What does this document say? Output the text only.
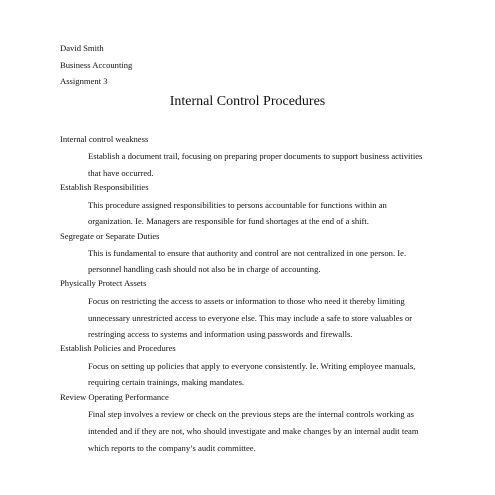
David Smith
Business Accounting
Assignment 3
Internal Control Procedures
Internal control weakness
Establish a document trail, focusing on preparing proper documents to support business activities
that have occurred.
Establish Responsibilities
This procedure assigned responsibilities to persons accountable for functions within an
organization. Ie. Managers are responsible for fund shortages at the end of a shift.
Segregate or Separate Duties
This is fundamental to ensure that authority and control are not centralized in one person. Ie.
personnel handling cash should not also be in charge of accounting.
Physically Protect Assets
Focus on restricting the access to assets or information to those who need it thereby limiting
unnecessary unrestricted access to everyone else. This may include a safe to store valuables or
restringing access to systems and information using passwords and firewalls.
Establish Policies and Procedures
Focus on setting up policies that apply to everyone consistently. Ie. Writing employee manuals,
requiring certain trainings, making mandates.
Review Operating Performance
Final step involves a review or check on the previous steps are the internal controls working as
intended and if they are not, who should investigate and make changes by an internal audit team
which reports to the company’s audit committee.
